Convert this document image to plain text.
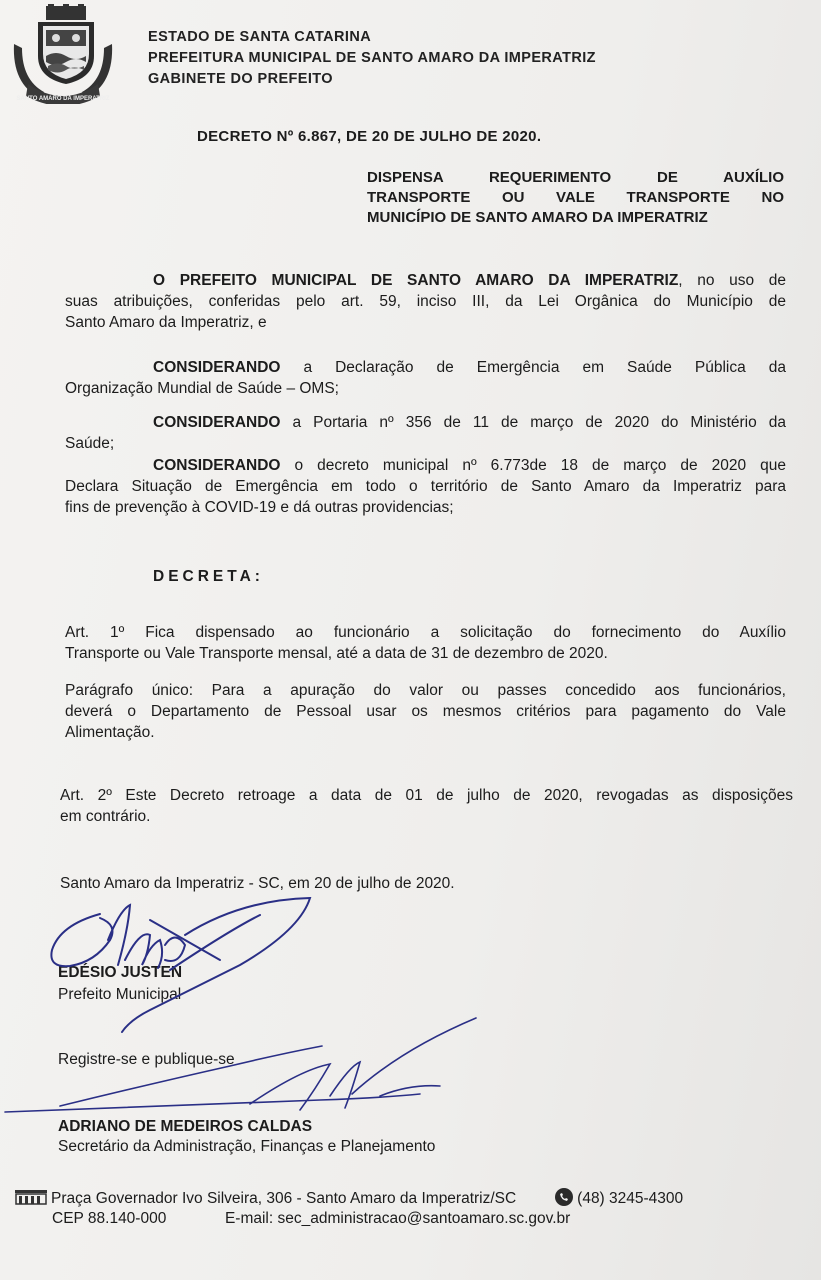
SANTO AMARO DA IMPERATRIZ
ESTADO DE SANTA CATARINA
PREFEITURA MUNICIPAL DE SANTO AMARO DA IMPERATRIZ
GABINETE DO PREFEITO
DECRETO Nº 6.867, DE 20 DE JULHO DE 2020.
DISPENSA REQUERIMENTO DE AUXÍLIO
TRANSPORTE OU VALE TRANSPORTE NO
MUNICÍPIO DE SANTO AMARO DA IMPERATRIZ
O PREFEITO MUNICIPAL DE SANTO AMARO DA IMPERATRIZ, no uso de
suas atribuições, conferidas pelo art. 59, inciso III, da Lei Orgânica do Município de
Santo Amaro da Imperatriz, e
CONSIDERANDO a Declaração de Emergência em Saúde Pública da
Organização Mundial de Saúde – OMS;
CONSIDERANDO a Portaria nº 356 de 11 de março de 2020 do Ministério da
Saúde;
CONSIDERANDO o decreto municipal nº 6.773de 18 de março de 2020 que
Declara Situação de Emergência em todo o território de Santo Amaro da Imperatriz para
fins de prevenção à COVID-19 e dá outras providencias;
DECRETA:
Art. 1º Fica dispensado ao funcionário a solicitação do fornecimento do Auxílio
Transporte ou Vale Transporte mensal, até a data de 31 de dezembro de 2020.
Parágrafo único: Para a apuração do valor ou passes concedido aos funcionários,
deverá o Departamento de Pessoal usar os mesmos critérios para pagamento do Vale
Alimentação.
Art. 2º Este Decreto retroage a data de 01 de julho de 2020, revogadas as disposições
em contrário.
Santo Amaro da Imperatriz - SC, em 20 de julho de 2020.
EDÉSIO JUSTEN
Prefeito Municipal
Registre-se e publique-se
ADRIANO DE MEDEIROS CALDAS
Secretário da Administração, Finanças e Planejamento
Praça Governador Ivo Silveira, 306 - Santo Amaro da Imperatriz/SC	(48) 3245-4300
CEP 88.140-000	E-mail: sec_administracao@santoamaro.sc.gov.br
